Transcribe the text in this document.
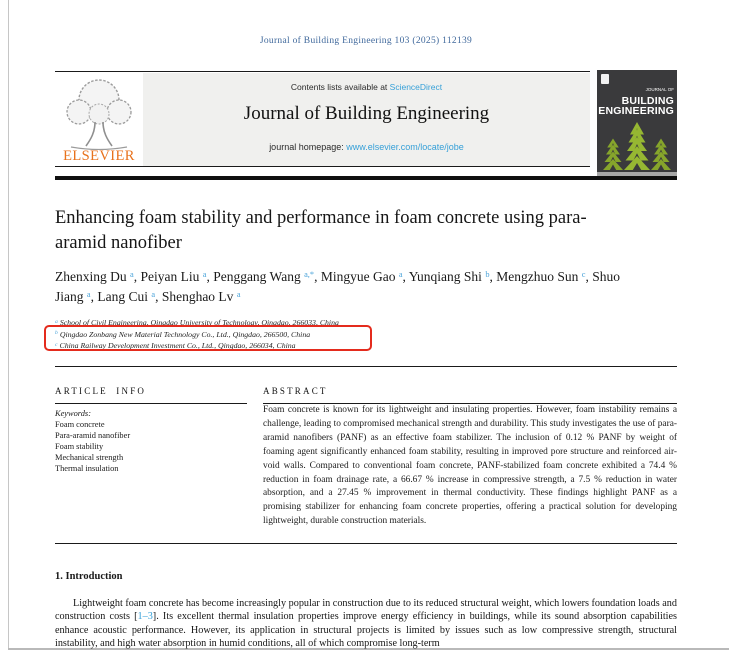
Journal of Building Engineering 103 (2025) 112139
ELSEVIER
Contents lists available at ScienceDirect
Journal of Building Engineering
journal homepage: www.elsevier.com/locate/jobe
JOURNAL OF BUILDING
ENGINEERING
Enhancing foam stability and performance in foam concrete using para-aramid nanofiber
Zhenxing Du $^a$, Peiyan Liu $^a$, Penggang Wang $^{a,*}$, Mingyue Gao $^a$, Yunqiang Shi $^b$, Mengzhuo Sun $^c$, Shuo Jiang $^a$, Lang Cui $^a$, Shenghao Lv $^a$
$^a$ School of Civil Engineering, Qingdao University of Technology, Qingdao, 266033, China
$^b$ Qingdao Zonbang New Material Technology Co., Ltd., Qingdao, 266500, China
$^c$ China Railway Development Investment Co., Ltd., Qingdao, 266034, China
ARTICLE INFO
Keywords:
Foam concrete
Para-aramid nanofiber
Foam stability
Mechanical strength
Thermal insulation
ABSTRACT

Foam concrete is known for its lightweight and insulating properties. However, foam instability remains a challenge, leading to compromised mechanical strength and durability. This study investigates the use of para-aramid nanofibers (PANF) as an effective foam stabilizer. The inclusion of 0.12 % PANF by weight of foaming agent significantly enhanced foam stability, resulting in improved pore structure and reinforced air-void walls. Compared to conventional foam concrete, PANF-stabilized foam concrete exhibited a 74.4 % reduction in foam drainage rate, a 66.67 % increase in compressive strength, a 7.5 % reduction in water absorption, and a 27.45 % improvement in thermal conductivity. These findings highlight PANF as a promising stabilizer for enhancing foam concrete properties, offering a practical solution for developing lightweight, durable construction materials.

1. Introduction

Lightweight foam concrete has become increasingly popular in construction due to its reduced structural weight, which lowers foundation loads and construction costs [1–3]. Its excellent thermal insulation properties improve energy efficiency in buildings, while its sound absorption capabilities enhance acoustic performance. However, its application in structural projects is limited by issues such as low compressive strength, structural instability, and high water absorption in humid conditions, all of which compromise long-term
